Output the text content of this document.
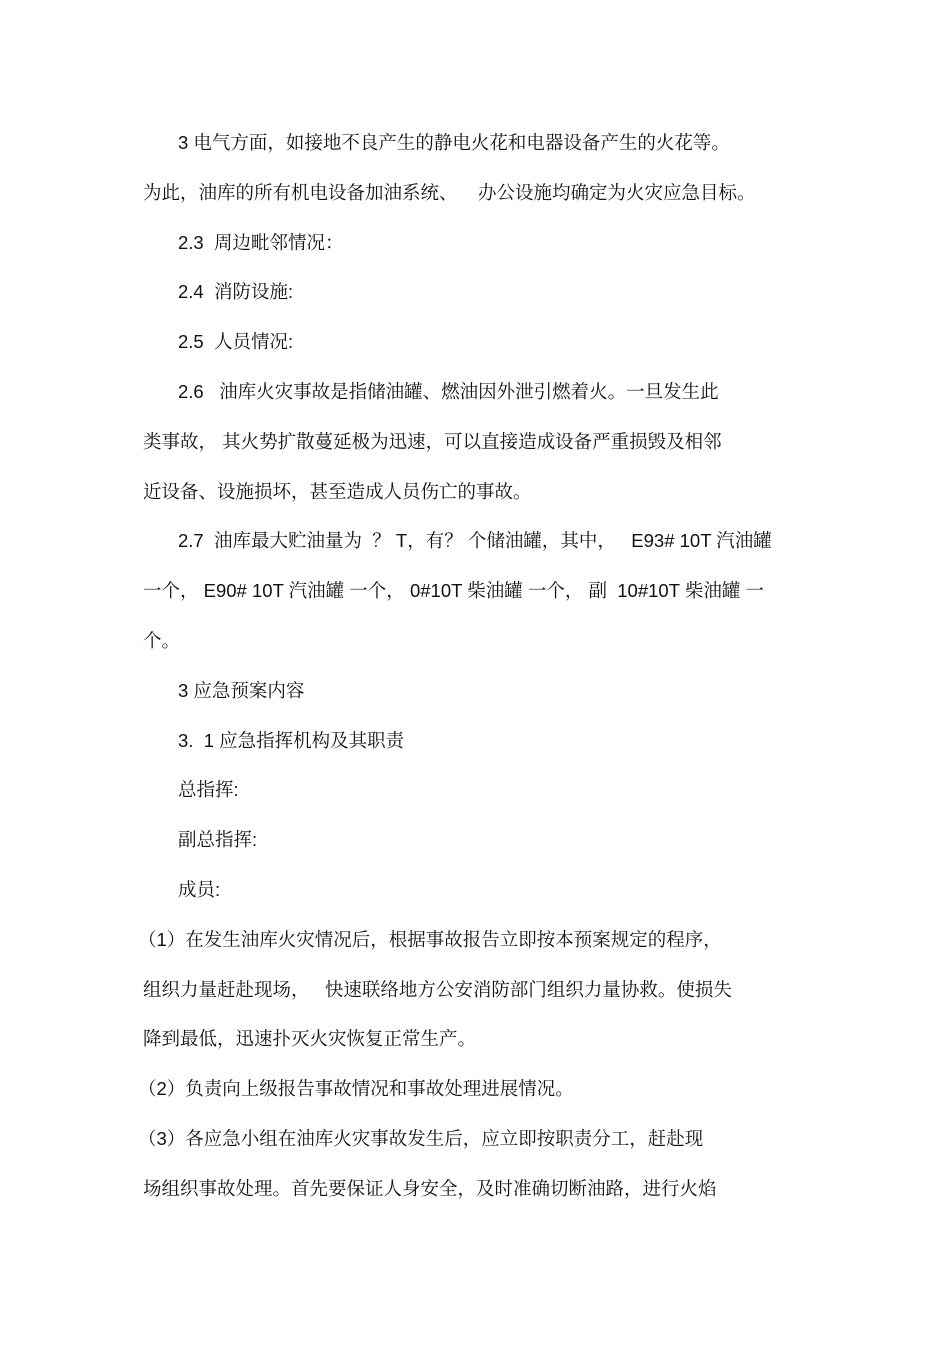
3 电气方面，如接地不良产生的静电火花和电器设备产生的火花等。
为此，油库的所有机电设备加油系统、    办公设施均确定为火灾应急目标。
2.3  周边毗邻情况：
2.4  消防设施:
2.5  人员情况:
2.6   油库火灾事故是指储油罐、燃油因外泄引燃着火。一旦发生此
类事故， 其火势扩散蔓延极为迅速，可以直接造成设备严重损毁及相邻
近设备、设施损坏，甚至造成人员伤亡的事故。
2.7  油库最大贮油量为  ？ T，有？ 个储油罐，其中，   E93# 10T 汽油罐
一个， E90# 10T 汽油罐 一个， 0#10T 柴油罐 一个， 副  10#10T 柴油罐 一
个。
3 应急预案内容
3.  1 应急指挥机构及其职责
总指挥:
副总指挥:
成员:
（1）在发生油库火灾情况后，根据事故报告立即按本预案规定的程序，
组织力量赶赴现场，   快速联络地方公安消防部门组织力量协救。使损失
降到最低，迅速扑灭火灾恢复正常生产。
（2）负责向上级报告事故情况和事故处理进展情况。
（3）各应急小组在油库火灾事故发生后，应立即按职责分工，赶赴现
场组织事故处理。首先要保证人身安全，及时准确切断油路，进行火焰
